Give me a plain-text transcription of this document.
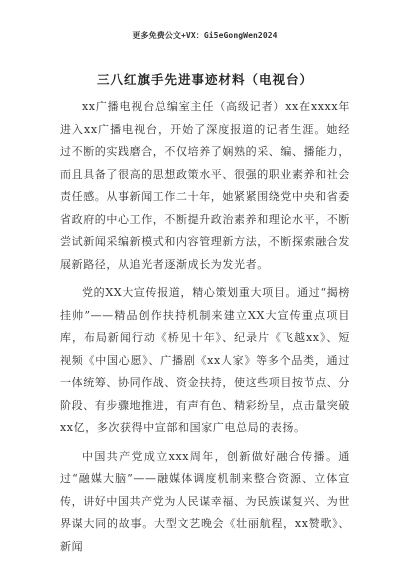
更多免费公文+VX：Gi5eGongWen2024
三八红旗手先进事迹材料（电视台）

xx广播电视台总编室主任（高级记者）xx在xxxx年进入xx广播电视台，开始了深度报道的记者生涯。她经过不断的实践磨合，不仅培养了娴熟的采、编、播能力，而且具备了很高的思想政策水平、很强的职业素养和社会责任感。从事新闻工作二十年，她紧紧围绕党中央和省委省政府的中心工作，不断提升政治素养和理论水平，不断尝试新闻采编新模式和内容管理新方法，不断探索融合发展新路径，从追光者逐渐成长为发光者。

党的XX大宣传报道，精心策划重大项目。通过“揭榜挂帅”——精品创作扶持机制来建立XX大宣传重点项目库，布局新闻行动《桥见十年》、纪录片《飞越xx》、短视频《中国心愿》、广播剧《xx人家》等多个品类，通过一体统筹、协同作战、资金扶持，使这些项目按节点、分阶段、有步骤地推进，有声有色、精彩纷呈，点击量突破xx亿，多次获得中宣部和国家广电总局的表扬。

中国共产党成立xxx周年，创新做好融合传播。通过“融媒大脑”——融媒体调度机制来整合资源、立体宣传，讲好中国共产党为人民谋幸福、为民族谋复兴、为世界谋大同的故事。大型文艺晚会《壮丽航程，xx赞歌》、新闻
